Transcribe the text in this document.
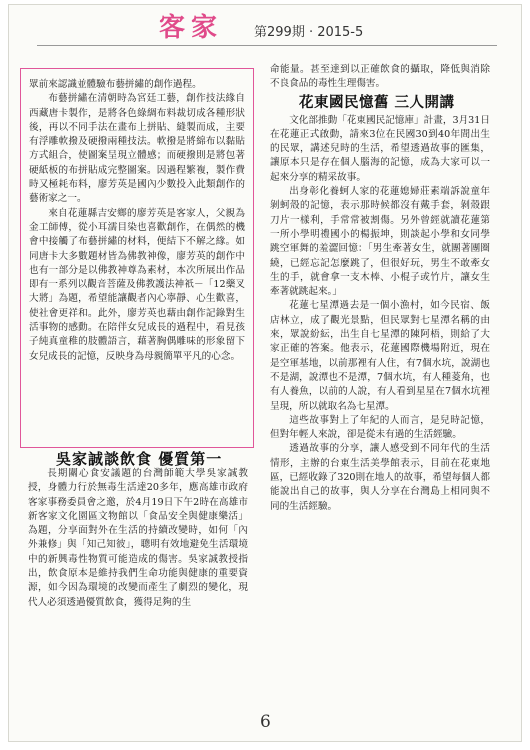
客家 第299期 · 2015-5

眾前來認識並體驗布藝拼繡的創作過程。

布藝拼繡在清朝時為宮廷工藝，創作技法緣自西藏唐卡製作，是將各色綠綢布料裁切成各種形狀後，再以不同手法在畫布上拼貼、縫製而成，主要有浮雕軟撥及硬撥兩種技法。軟撥是將綿布以黏貼方式組合，使圖案呈現立體感；而硬撥則是將包著硬紙板的布拼貼成完整圖案。因過程繁複，製作費時又極耗布料，廖芳英是國內少數投入此類創作的藝術家之一。

來自花蓮縣吉安鄉的廖芳英是客家人，父親為金工師傅，從小耳濡目染也喜歡創作，在偶然的機會中接觸了布藝拼繡的材料，便結下不解之緣。如同唐卡大多數題材皆為佛教神像，廖芳英的創作中也有一部分是以佛教神尊為素材，本次所展出作品即有一系列以觀音菩薩及佛教護法神祇－「12藥叉大將」為題，希望能讓觀者內心寧靜、心生歡喜，使社會更祥和。此外，廖芳英也藉由創作記錄對生活事物的感動。在陪伴女兒成長的過程中，看見孩子純真童稚的肢體語言，藉著胸偶雕味的形象留下女兒成長的記憶，反映身為母親簡單平凡的心念。

吳家誠談飲食 優質第一

長期關心食安議題的台灣師範大學吳家誠教授，身體力行於無毒生活達20多年，應高雄市政府客家事務委員會之邀，於4月19日下午2時在高雄市新客家文化園區文物館以「食品安全與健康樂活」為題，分享面對外在生活的持續改變時，如何「內外兼修」與「知己知彼」，聰明有效地避免生活環境中的新興毒性物質可能造成的傷害。吳家誠教授指出，飲食原本是維持我們生命功能與健康的重要資源，如今因為環境的改變而產生了劇烈的變化，現代人必須透過優質飲食，獲得足夠的生

命能量。甚至達到以正確飲食的攝取，降低與消除不良食品的毒性生理傷害。

花東國民憶舊 三人開講

文化部推動「花東國民記憶庫」計畫，3月31日在花蓮正式啟動，請來3位在民國30到40年間出生的民眾，講述兒時的生活，希望透過故事的匯集，讓原本只是存在個人腦海的記憶，成為大家可以一起來分享的精采故事。

出身彰化養蚵人家的花蓮媳婦莊素端訴說童年剝蚵殼的記憶，表示那時候都沒有戴手套，剝殼跟刀片一樣利，手常常被割傷。另外曾經就讀花蓮第一所小學明禮國小的楊振坤，則談起小學和女同學跳空軍舞的羞澀回憶：「男生牽著女生，就團著團圈繞，已經忘記怎麼跳了，但很好玩，男生不敢牽女生的手，就會拿一支木棒、小棍子或竹片，讓女生牽著就跳起來。」

花蓮七星潭過去是一個小漁村，如今民宿、飯店林立，成了觀光景點，但民眾對七星潭名稱的由來，眾說紛紜，出生自七星潭的陳阿梧，則給了大家正確的答案。他表示，花蓮國際機場附近，現在是空軍基地，以前那裡有人住，有7個水坑，說湖也不是湖，說潭也不是潭，7個水坑，有人種菱角，也有人養魚，以前的人說，有人看到星星在7個水坑裡呈現，所以就取名為七星潭。

這些故事對上了年紀的人而言，是兒時記憶，但對年輕人來說，卻是從未有過的生活經驗。

透過故事的分享，讓人感受到不同年代的生活情形，主辦的台東生活美學館表示，目前在花東地區，已經收錄了320則在地人的故事，希望每個人都能說出自己的故事，與人分享在台灣島上相同與不同的生活經驗。

6
